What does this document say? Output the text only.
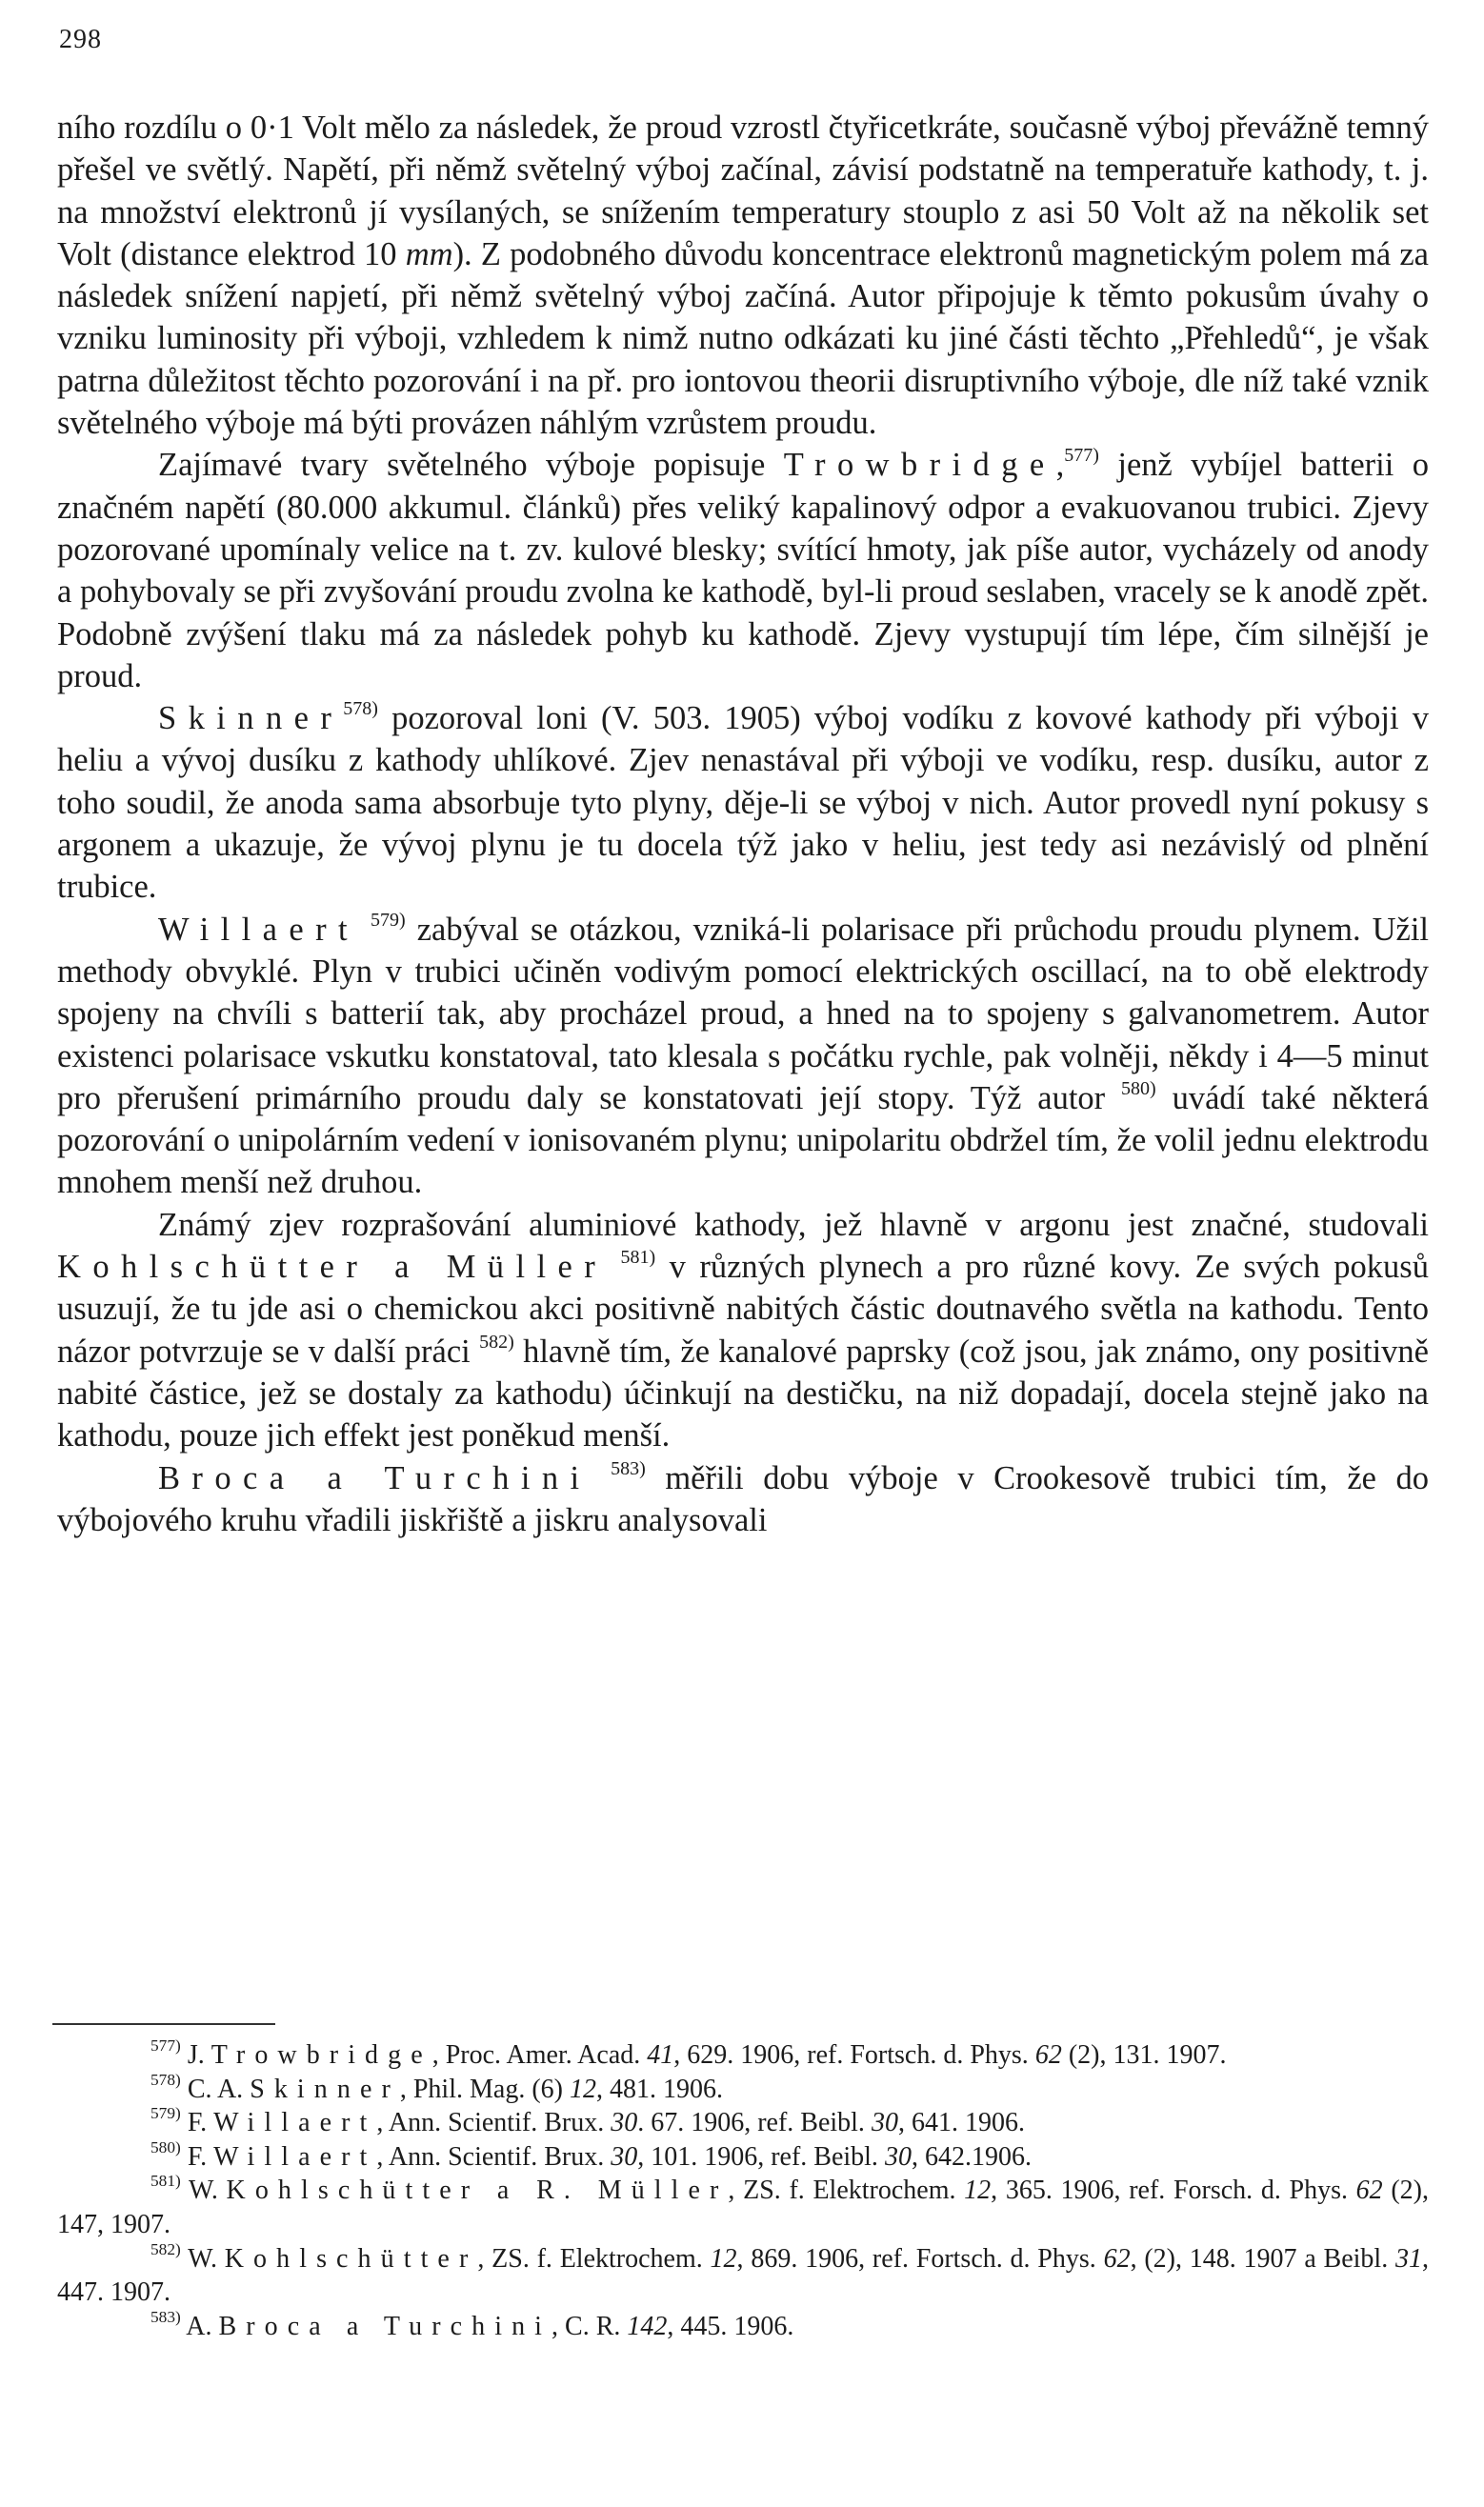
298

ního rozdílu o 0·1 Volt mělo za následek, že proud vzrostl čtyřicetkráte, současně výboj převážně temný přešel ve světlý. Napětí, při němž světelný výboj začínal, závisí podstatně na temperatuře kathody, t. j. na množství elektronů jí vysílaných, se snížením temperatury stouplo z asi 50 Volt až na několik set Volt (distance elektrod 10 mm). Z podobného důvodu koncentrace elektronů magnetickým polem má za následek snížení napjetí, při němž světelný výboj začíná. Autor připojuje k těmto pokusům úvahy o vzniku luminosity při výboji, vzhledem k nimž nutno odkázati ku jiné části těchto „Přehledů“, je však patrna důležitost těchto pozorování i na př. pro iontovou theorii disruptivního výboje, dle níž také vznik světelného výboje má býti provázen náhlým vzrůstem proudu.

Zajímavé tvary světelného výboje popisuje Trowbridge,$^{577)}$ jenž vybíjel batterii o značném napětí (80.000 akkumul. článků) přes veliký kapalinový odpor a evakuovanou trubici. Zjevy pozorované upomínaly velice na t. zv. kulové blesky; svítící hmoty, jak píše autor, vycházely od anody a pohybovaly se při zvyšování proudu zvolna ke kathodě, byl-li proud seslaben, vracely se k anodě zpět. Podobně zvýšení tlaku má za následek pohyb ku kathodě. Zjevy vystupují tím lépe, čím silnější je proud.

Skinner$^{578)}$ pozoroval loni (V. 503. 1905) výboj vodíku z kovové kathody při výboji v heliu a vývoj dusíku z kathody uhlíkové. Zjev nenastával při výboji ve vodíku, resp. dusíku, autor z toho soudil, že anoda sama absorbuje tyto plyny, děje-li se výboj v nich. Autor provedl nyní pokusy s argonem a ukazuje, že vývoj plynu je tu docela týž jako v heliu, jest tedy asi nezávislý od plnění trubice.

Willaert $^{579)}$ zabýval se otázkou, vzniká-li polarisace při průchodu proudu plynem. Užil methody obvyklé. Plyn v trubici učiněn vodivým pomocí elektrických oscillací, na to obě elektrody spojeny na chvíli s batterií tak, aby procházel proud, a hned na to spojeny s galvanometrem. Autor existenci polarisace vskutku konstatoval, tato klesala s počátku rychle, pak volněji, někdy i 4—5 minut pro přerušení primárního proudu daly se konstatovati její stopy. Týž autor $^{580)}$ uvádí také některá pozorování o unipolárním vedení v ionisovaném plynu; unipolaritu obdržel tím, že volil jednu elektrodu mnohem menší než druhou.

Známý zjev rozprašování aluminiové kathody, jež hlavně v argonu jest značné, studovali Kohlschütter a Müller $^{581)}$ v různých plynech a pro různé kovy. Ze svých pokusů usuzují, že tu jde asi o chemickou akci positivně nabitých částic doutnavého světla na kathodu. Tento názor potvrzuje se v další práci $^{582)}$ hlavně tím, že kanalové paprsky (což jsou, jak známo, ony positivně nabité částice, jež se dostaly za kathodu) účinkují na destičku, na niž dopadají, docela stejně jako na kathodu, pouze jich effekt jest poněkud menší.

Broca a Turchini $^{583)}$ měřili dobu výboje v Crookesově trubici tím, že do výbojového kruhu vřadili jiskřiště a jiskru analysovali

$^{577)}$ J. Trowbridge, Proc. Amer. Acad. 41, 629. 1906, ref. Fortsch. d. Phys. 62 (2), 131. 1907.

$^{578)}$ C. A. Skinner, Phil. Mag. (6) 12, 481. 1906.

$^{579)}$ F. Willaert, Ann. Scientif. Brux. 30. 67. 1906, ref. Beibl. 30, 641. 1906.

$^{580)}$ F. Willaert, Ann. Scientif. Brux. 30, 101. 1906, ref. Beibl. 30, 642.1906.

$^{581)}$ W. Kohlschütter a R. Müller, ZS. f. Elektrochem. 12, 365. 1906, ref. Forsch. d. Phys. 62 (2), 147, 1907.

$^{582)}$ W. Kohlschütter, ZS. f. Elektrochem. 12, 869. 1906, ref. Fortsch. d. Phys. 62, (2), 148. 1907 a Beibl. 31, 447. 1907.

$^{583)}$ A. Broca a Turchini, C. R. 142, 445. 1906.
